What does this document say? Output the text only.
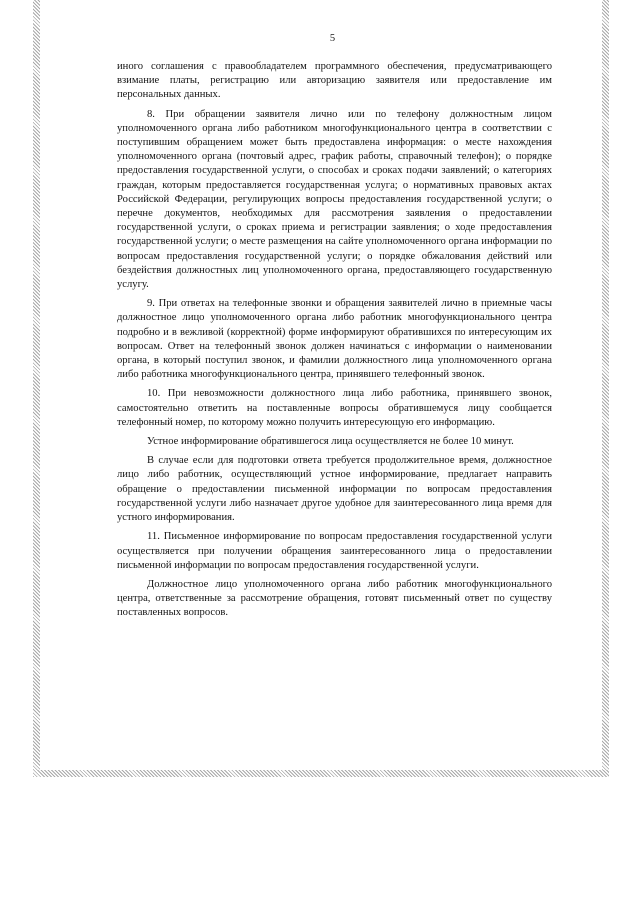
5

иного соглашения с правообладателем программного обеспечения, предусматривающего взимание платы, регистрацию или авторизацию заявителя или предоставление им персональных данных.

8. При обращении заявителя лично или по телефону должностным лицом уполномоченного органа либо работником многофункционального центра в соответствии с поступившим обращением может быть предоставлена информация: о месте нахождения уполномоченного органа (почтовый адрес, график работы, справочный телефон); о порядке предоставления государственной услуги, о способах и сроках подачи заявлений; о категориях граждан, которым предоставляется государственная услуга; о нормативных правовых актах Российской Федерации, регулирующих вопросы предоставления государственной услуги; о перечне документов, необходимых для рассмотрения заявления о предоставлении государственной услуги, о сроках приема и регистрации заявления; о ходе предоставления государственной услуги; о месте размещения на сайте уполномоченного органа информации по вопросам предоставления государственной услуги; о порядке обжалования действий или бездействия должностных лиц уполномоченного органа, предоставляющего государственную услугу.

9. При ответах на телефонные звонки и обращения заявителей лично в приемные часы должностное лицо уполномоченного органа либо работник многофункционального центра подробно и в вежливой (корректной) форме информируют обратившихся по интересующим их вопросам. Ответ на телефонный звонок должен начинаться с информации о наименовании органа, в который поступил звонок, и фамилии должностного лица уполномоченного органа либо работника многофункционального центра, принявшего телефонный звонок.

10. При невозможности должностного лица либо работника, принявшего звонок, самостоятельно ответить на поставленные вопросы обратившемуся лицу сообщается телефонный номер, по которому можно получить интересующую его информацию.

Устное информирование обратившегося лица осуществляется не более 10 минут.

В случае если для подготовки ответа требуется продолжительное время, должностное лицо либо работник, осуществляющий устное информирование, предлагает направить обращение о предоставлении письменной информации по вопросам предоставления государственной услуги либо назначает другое удобное для заинтересованного лица время для устного информирования.

11. Письменное информирование по вопросам предоставления государственной услуги осуществляется при получении обращения заинтересованного лица о предоставлении письменной информации по вопросам предоставления государственной услуги.

Должностное лицо уполномоченного органа либо работник многофункционального центра, ответственные за рассмотрение обращения, готовят письменный ответ по существу поставленных вопросов.
